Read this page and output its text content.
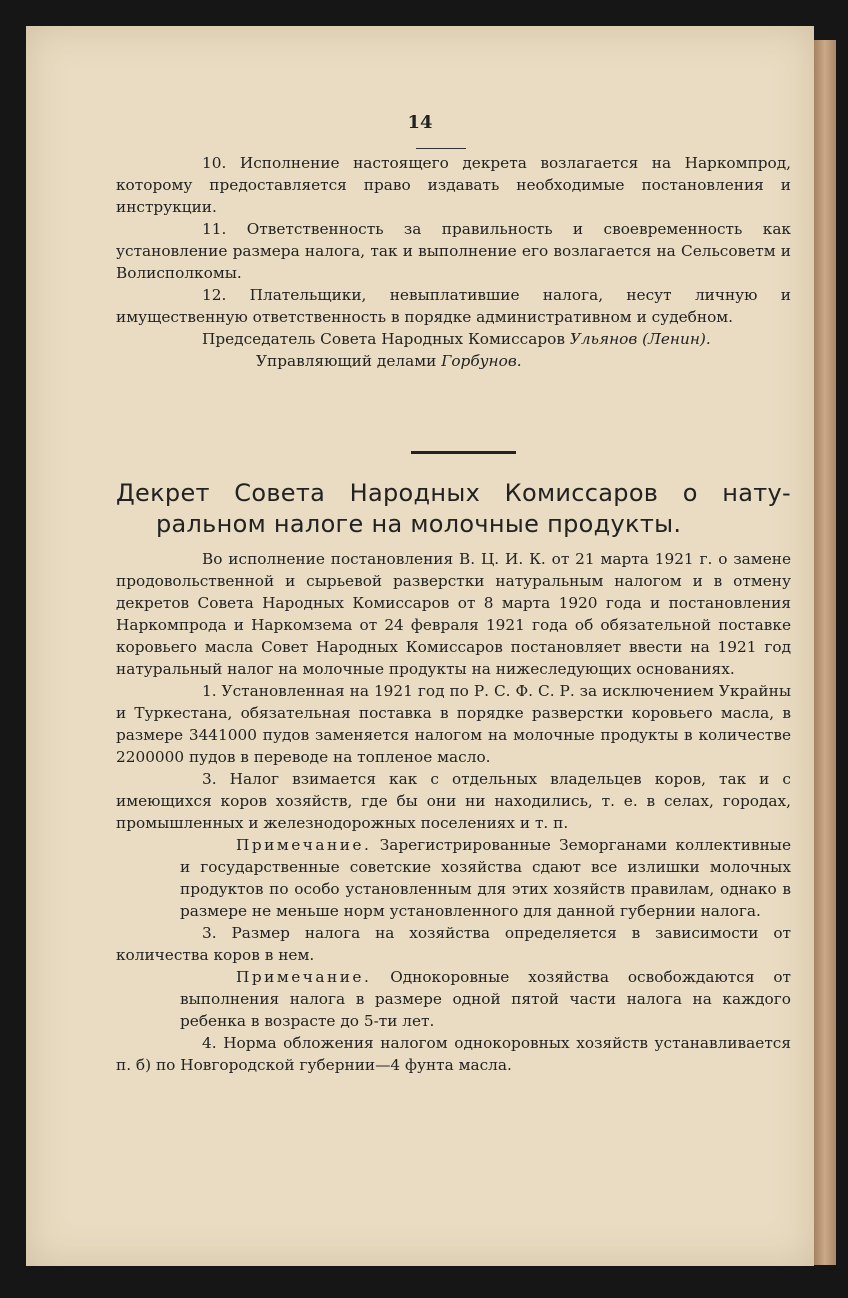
14

10. Исполнение настоящего декрета возлагается на Наркомпрод, которому предоставляется право издавать необходимые постановления и инструкции.

11. Ответственность за правильность и своевременность как установление размера налога, так и выполнение его возлагается на Сельсоветм и Волисполкомы.

12. Плательщики, невыплатившие налога, несут личную и имущественную ответственность в порядке административном и судебном.

Председатель Совета Народных Комиссаров Ульянов (Ленин).

Управляющий делами Горбунов.

Декрет Совета Народных Комиссаров о нату-
ральном налоге на молочные продукты.

Во исполнение постановления В. Ц. И. К. от 21 марта 1921 г. о замене продовольственной и сырьевой разверстки натуральным налогом и в отмену декретов Совета Народных Комиссаров от 8 марта 1920 года и постановления Наркомпрода и Наркомзема от 24 февраля 1921 года об обязательной поставке коровьего масла Совет Народных Комиссаров постановляет ввести на 1921 год натуральный налог на молочные продукты на нижеследующих основаниях.

1. Установленная на 1921 год по Р. С. Ф. С. Р. за исключением Украйны и Туркестана, обязательная поставка в порядке разверстки коровьего масла, в размере 3441000 пудов заменяется налогом на молочные продукты в количестве 2200000 пудов в переводе на топленое масло.

3. Налог взимается как с отдельных владельцев коров, так и с имеющихся коров хозяйств, где бы они ни находились, т. е. в селах, городах, промышленных и железнодорожных поселениях и т. п.

Примечание. Зарегистрированные Земорганами коллективные и государственные советские хозяйства сдают все излишки молочных продуктов по особо установленным для этих хозяйств правилам, однако в размере не меньше норм установленного для данной губернии налога.

3. Размер налога на хозяйства определяется в зависимости от количества коров в нем.

Примечание. Однокоровные хозяйства освобождаются от выполнения налога в размере одной пятой части налога на каждого ребенка в возрасте до 5-ти лет.

4. Норма обложения налогом однокоровных хозяйств устанавливается п. б) по Новгородской губернии—4 фунта масла.
